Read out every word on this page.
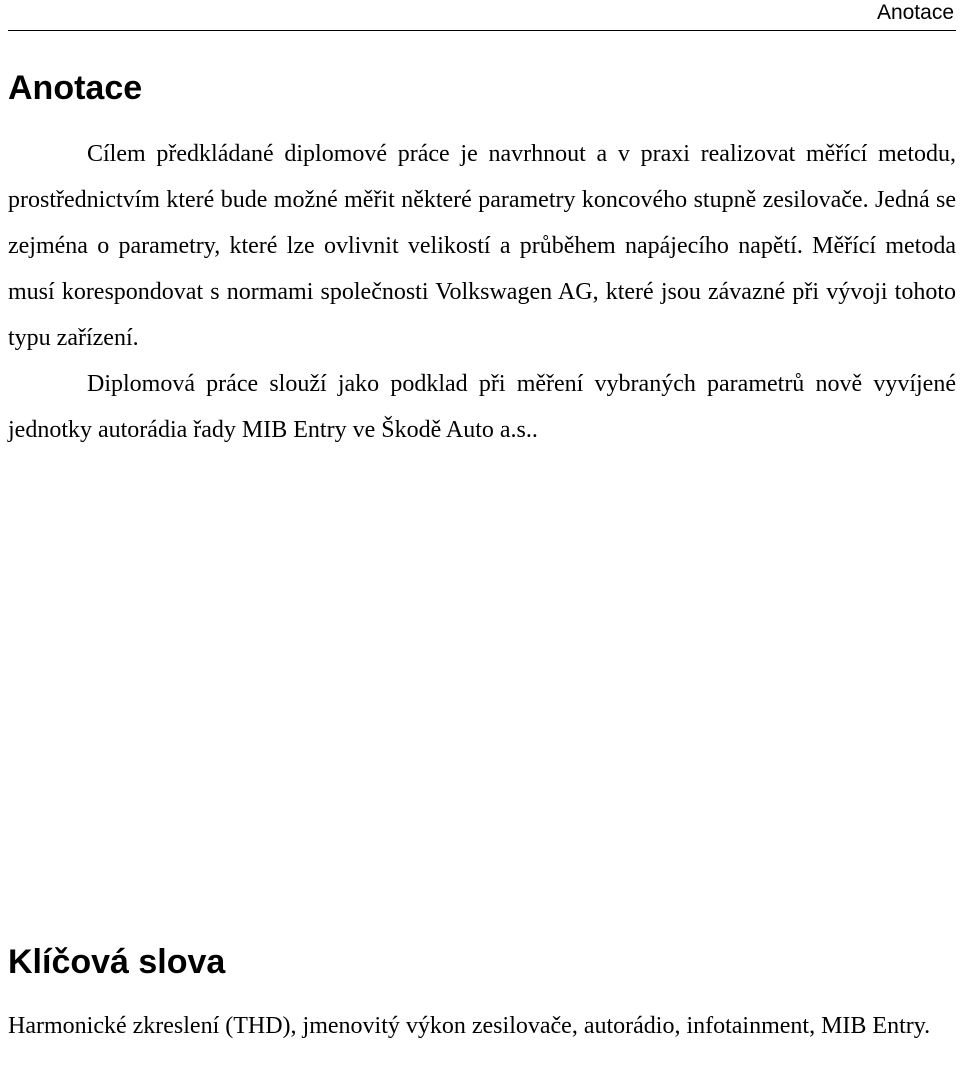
Anotace
Anotace

Cílem předkládané diplomové práce je navrhnout a v praxi realizovat měřící metodu, prostřednictvím které bude možné měřit některé parametry koncového stupně zesilovače. Jedná se zejména o parametry, které lze ovlivnit velikostí a průběhem napájecího napětí. Měřící metoda musí korespondovat s normami společnosti Volkswagen AG, které jsou závazné při vývoji tohoto typu zařízení.

Diplomová práce slouží jako podklad při měření vybraných parametrů nově vyvíjené jednotky autorádia řady MIB Entry ve Škodě Auto a.s..

Klíčová slova

Harmonické zkreslení (THD), jmenovitý výkon zesilovače, autorádio, infotainment, MIB Entry.
